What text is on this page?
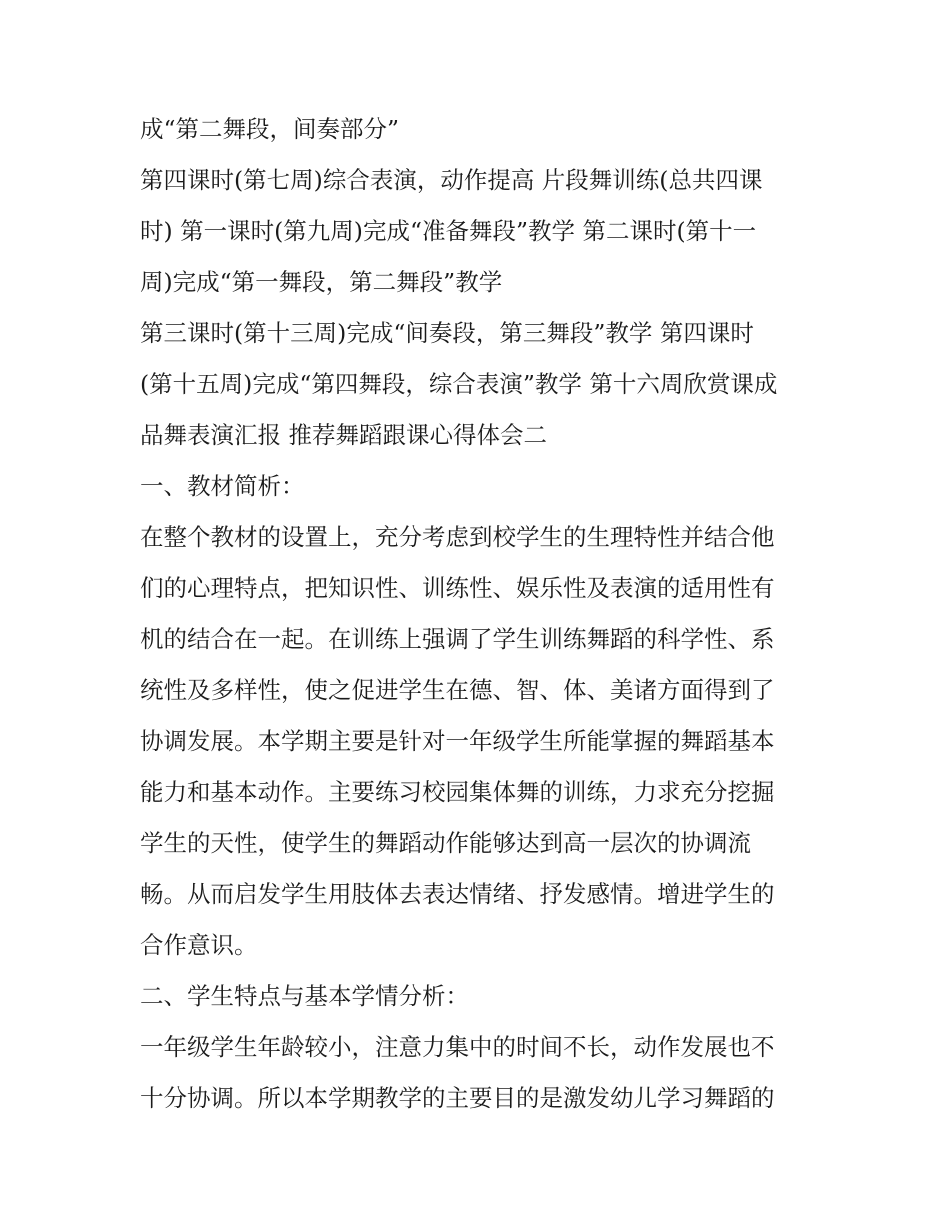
成“第二舞段，间奏部分”
第四课时(第七周)综合表演，动作提高 片段舞训练(总共四课
时) 第一课时(第九周)完成“准备舞段”教学 第二课时(第十一
周)完成“第一舞段，第二舞段”教学
第三课时(第十三周)完成“间奏段，第三舞段”教学 第四课时
(第十五周)完成“第四舞段，综合表演”教学 第十六周欣赏课成
品舞表演汇报 推荐舞蹈跟课心得体会二
一、教材简析：
在整个教材的设置上，充分考虑到校学生的生理特性并结合他
们的心理特点，把知识性、训练性、娱乐性及表演的适用性有
机的结合在一起。在训练上强调了学生训练舞蹈的科学性、系
统性及多样性，使之促进学生在德、智、体、美诸方面得到了
协调发展。本学期主要是针对一年级学生所能掌握的舞蹈基本
能力和基本动作。主要练习校园集体舞的训练，力求充分挖掘
学生的天性，使学生的舞蹈动作能够达到高一层次的协调流
畅。从而启发学生用肢体去表达情绪、抒发感情。增进学生的
合作意识。
二、学生特点与基本学情分析：
一年级学生年龄较小，注意力集中的时间不长，动作发展也不
十分协调。所以本学期教学的主要目的是激发幼儿学习舞蹈的
